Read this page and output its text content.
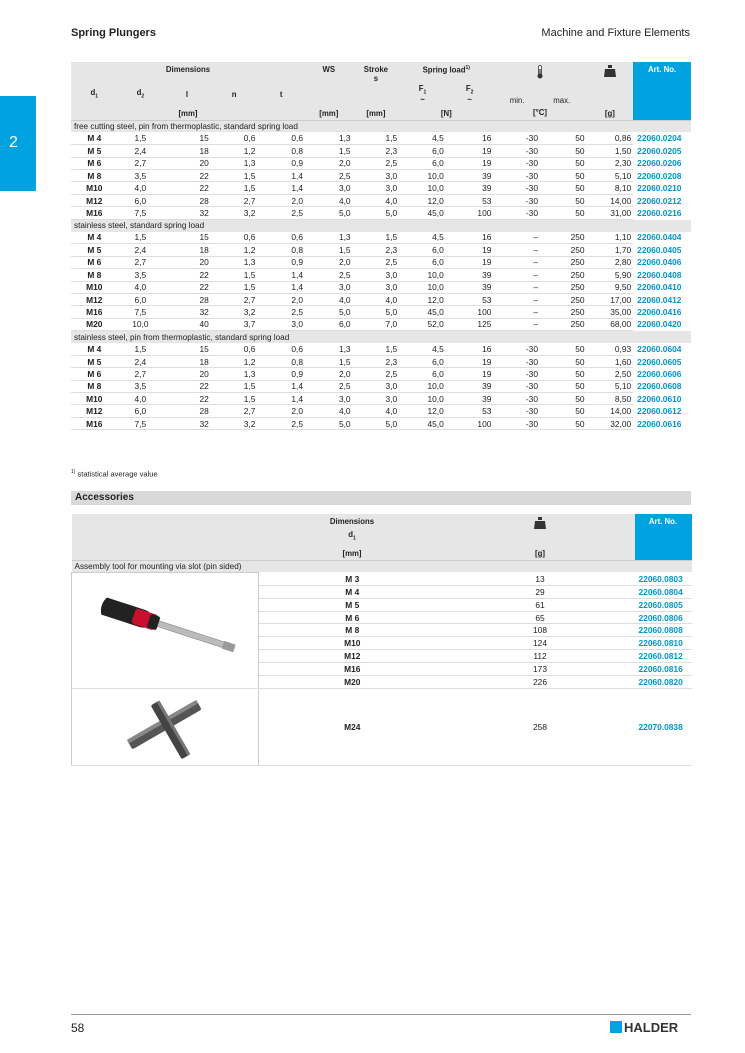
Spring Plungers	Machine and Fixture Elements
2
Dimensions					WS	Stroke
s	Spring load$^{1)}$					Art. No.
$d_1$	$d_2$	l	n	t			$F_1$
~	$F_2$
~				
[mm]					[mm]	[mm]	[N]		min. max.
[°C]		[g]	
free cutting steel, pin from thermoplastic, standard spring load												
M 4	1,5	15	0,6	0,6	1,3	1,5	4,5	16	-30	50	0,86	22060.0204
M 5	2,4	18	1,2	0,8	1,5	2,3	6,0	19	-30	50	1,50	22060.0205
M 6	2,7	20	1,3	0,9	2,0	2,5	6,0	19	-30	50	2,30	22060.0206
M 8	3,5	22	1,5	1,4	2,5	3,0	10,0	39	-30	50	5,10	22060.0208
M10	4,0	22	1,5	1,4	3,0	3,0	10,0	39	-30	50	8,10	22060.0210
M12	6,0	28	2,7	2,0	4,0	4,0	12,0	53	-30	50	14,00	22060.0212
M16	7,5	32	3,2	2,5	5,0	5,0	45,0	100	-30	50	31,00	22060.0216
stainless steel, standard spring load												
M 4	1,5	15	0,6	0,6	1,3	1,5	4,5	16	–	250	1,10	22060.0404
M 5	2,4	18	1,2	0,8	1,5	2,3	6,0	19	–	250	1,70	22060.0405
M 6	2,7	20	1,3	0,9	2,0	2,5	6,0	19	–	250	2,80	22060.0406
M 8	3,5	22	1,5	1,4	2,5	3,0	10,0	39	–	250	5,90	22060.0408
M10	4,0	22	1,5	1,4	3,0	3,0	10,0	39	–	250	9,50	22060.0410
M12	6,0	28	2,7	2,0	4,0	4,0	12,0	53	–	250	17,00	22060.0412
M16	7,5	32	3,2	2,5	5,0	5,0	45,0	100	–	250	35,00	22060.0416
M20	10,0	40	3,7	3,0	6,0	7,0	52,0	125	–	250	68,00	22060.0420
stainless steel, pin from thermoplastic, standard spring load												
M 4	1,5	15	0,6	0,6	1,3	1,5	4,5	16	-30	50	0,93	22060.0604
M 5	2,4	18	1,2	0,8	1,5	2,3	6,0	19	-30	50	1,60	22060.0605
M 6	2,7	20	1,3	0,9	2,0	2,5	6,0	19	-30	50	2,50	22060.0606
M 8	3,5	22	1,5	1,4	2,5	3,0	10,0	39	-30	50	5,10	22060.0608
M10	4,0	22	1,5	1,4	3,0	3,0	10,0	39	-30	50	8,50	22060.0610
M12	6,0	28	2,7	2,0	4,0	4,0	12,0	53	-30	50	14,00	22060.0612
M16	7,5	32	3,2	2,5	5,0	5,0	45,0	100	-30	50	32,00	22060.0616
$^{1)}$ statistical average value
Accessories
	Dimensions		Art. No.
	$d_1$
	[mm]	[g]	
Assembly tool for mounting via slot (pin sided)			
	M 3	13	22060.0803
	M 4	29	22060.0804
	M 5	61	22060.0805
	M 6	65	22060.0806
	M 8	108	22060.0808
	M10	124	22060.0810
	M12	112	22060.0812
	M16	173	22060.0816
	M20	226	22060.0820
	M24	258	22070.0838
58	HALDER
